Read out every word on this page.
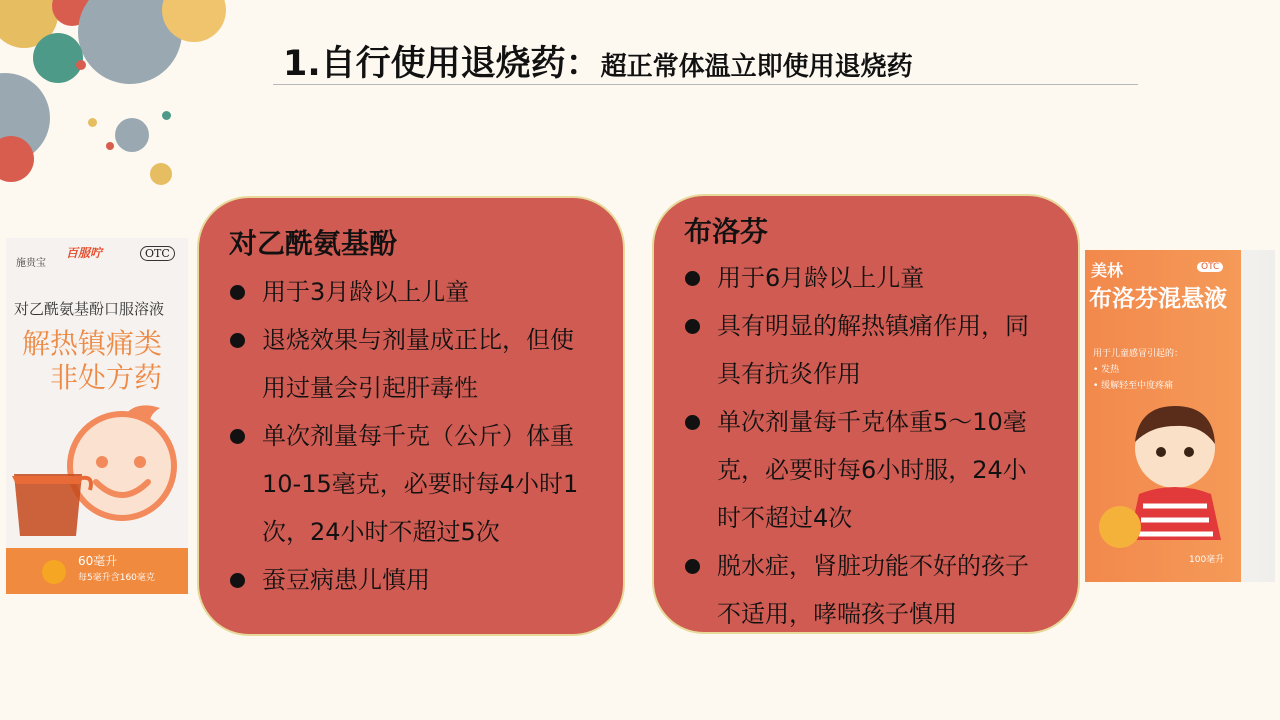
1.自行使用退烧药：超正常体温立即使用退烧药
施贵宝
百服咛	OTC
对乙酰氨基酚口服溶液
解热镇痛类
非处方药
60毫升
每5毫升含160毫克
对乙酰氨基酚
用于3月龄以上儿童
退烧效果与剂量成正比，但使用过量会引起肝毒性
单次剂量每千克（公斤）体重10-15毫克，必要时每4小时1次，24小时不超过5次
蚕豆病患儿慎用
布洛芬
用于6月龄以上儿童
具有明显的解热镇痛作用，同具有抗炎作用
单次剂量每千克体重5～10毫克，必要时每6小时服，24小时不超过4次
脱水症，肾脏功能不好的孩子不适用，哮喘孩子慎用
美林	OTC
布洛芬混悬液
用于儿童感冒引起的：
• 发热
• 缓解轻至中度疼痛
100毫升
